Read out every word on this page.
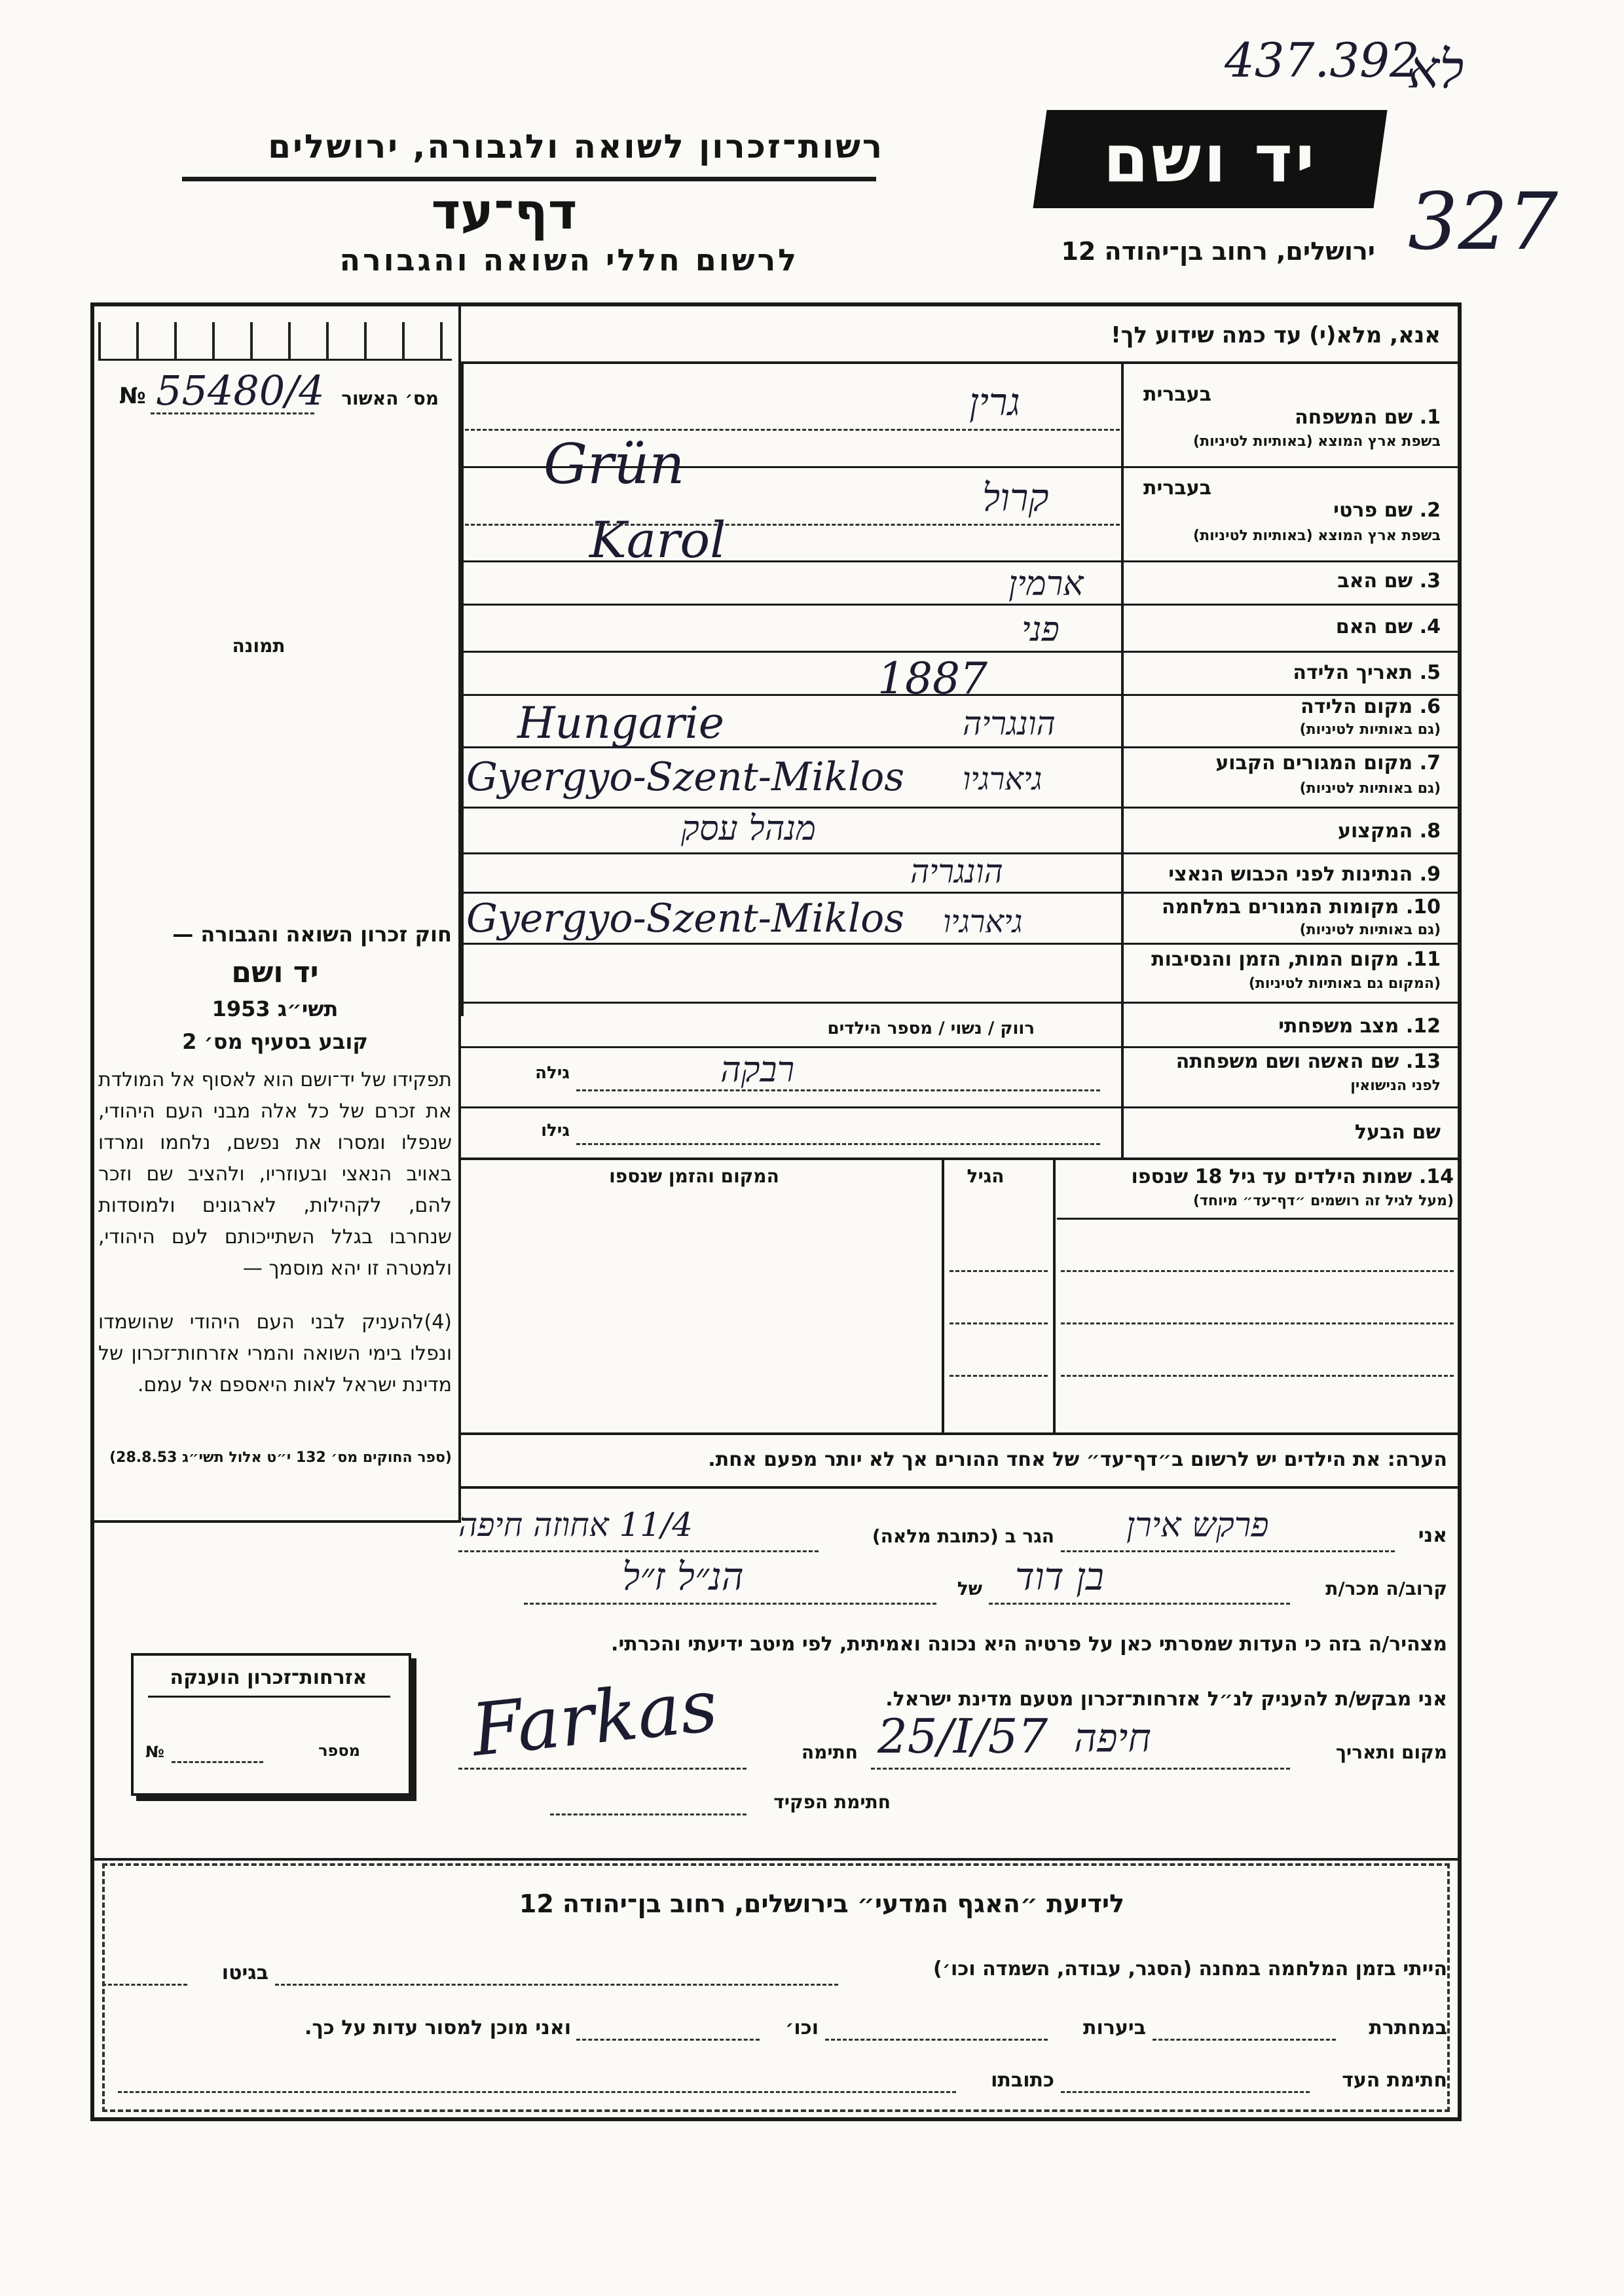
437.392
לא
רשות־זכרון לשואה ולגבורה, ירושלים
דף־עד
לרשום חללי השואה והגבורה
יד ושם
ירושלים, רחוב בן־יהודה 12 327
№ 55480/4 מס׳ האשור
תמונה
חוק זכרון השואה והגבורה —
יד ושם
תשי״ג 1953
קובע בסעיף מס׳ 2
תפקידו של יד־ושם הוא לאסוף אל המולדת את זכרם של כל אלה מבני העם היהודי, שנפלו ומסרו את נפשם, נלחמו ומרדו באויב הנאצי ובעוזריו, ולהציב שם וזכר להם, לקהילות, לארגונים ולמוסדות שנחרבו בגלל השתייכותם לעם היהודי, ולמטרה זו יהא מוסמך —
(4)להעניק לבני העם היהודי שהושמדו ונפלו בימי השואה והמרי אזרחות־זכרון של מדינת ישראל לאות היאספם אל עמם.
(ספר החוקים מס׳ 132 י״ט אלול תשי״ג 28.8.53)
אזרחות־זכרון הוענקה
מספר
№
אנא, מלא(י) עד כמה שידוע לך!
בעברית
בעברית
1. שם המשפחה
בשפת ארץ המוצא (באותיות לטיניות)
2. שם פרטי
בשפת ארץ המוצא (באותיות לטיניות)
3. שם האב
4. שם האם
5. תאריך הלידה
6. מקום הלידה
(גם באותיות לטיניות)
7. מקום המגורים הקבוע
(גם באותיות לטיניות)
8. המקצוע
9. הנתינות לפני הכבוש הנאצי
10. מקומות המגורים במלחמה
(גם באותיות לטיניות)
11. מקום המות, הזמן והנסיבות
(המקום גם באותיות לטיניות)
12. מצב משפחתי
13. שם האשה ושם משפחתה
לפני הנישואין
שם הבעל
גרין
Grün
קרול
Karol
ארמין
פני
1887
Hungarie	הונגריה
Gyergyo-Szent-Miklos גיארגיו
מנהל עסק
הונגריה
Gyergyo-Szent-Miklos גיארגיו
רווק / נשוי / מספר הילדים
רבקה
גילה
גילו
14. שמות הילדים עד גיל 18 שנספו
(מעל לגיל זה רושמים ״דף־עד״ מיוחד)
הגיל
המקום והזמן שנספו
הערה: את הילדים יש לרשום ב״דף־עד״ של אחד ההורים אך לא יותר מפעם אחת.
אני
פרקש אירן
הגר ב (כתובת מלאה)
11/4 אחוזה חיפה
קרוב/ה מכר/ת
בן דוד
של
הנ״ל ז״ל
מצהיר/ה בזה כי העדות שמסרתי כאן על פרטיה היא נכונה ואמיתית, לפי מיטב ידיעתי והכרתי.
אני מבקש/ת להעניק לנ״ל אזרחות־זכרון מטעם מדינת ישראל.
מקום ותאריך
חיפה
25/I/57
חתימה
Farkas
חתימת הפקיד
לידיעת ״האגף המדעי״ בירושלים, רחוב בן־יהודה 12
הייתי בזמן המלחמה במחנה (הסגר, עבודה, השמדה וכו׳)
בגיטו
במחתרת
ביערות
וכו׳
ואני מוכן למסור עדות על כך.
חתימת העד
כתובתו
